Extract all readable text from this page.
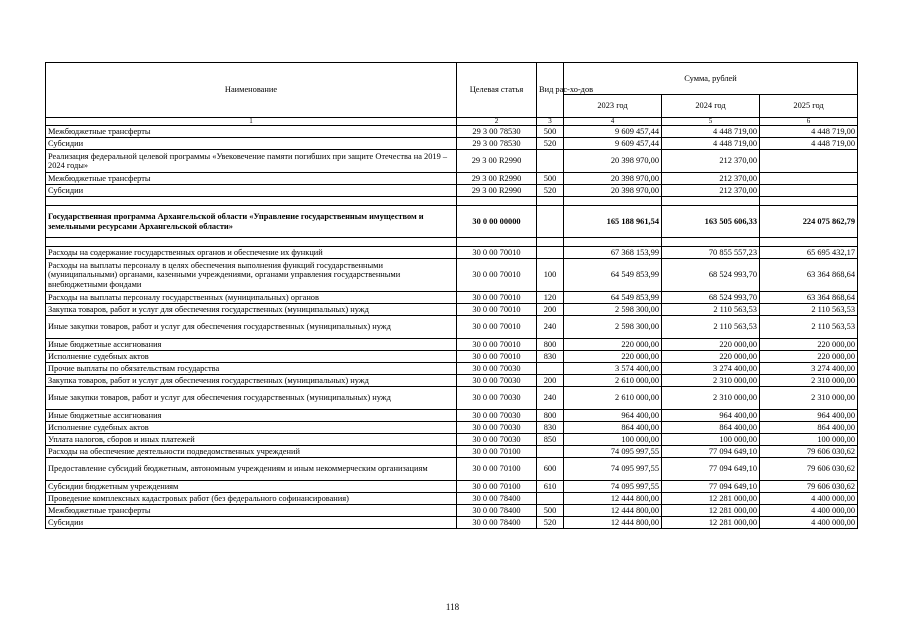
Наименование	Целевая статья	Вид рас-хо-дов	Сумма, рублей		
			2023 год	2024 год	2025 год
1	2	3	4	5	6
Межбюджетные трансферты	29 3 00 78530	500	9 609 457,44	4 448 719,00	4 448 719,00
Субсидии	29 3 00 78530	520	9 609 457,44	4 448 719,00	4 448 719,00
Реализация федеральной целевой программы «Увековечение памяти погибших при защите Отечества на 2019 – 2024 годы»	29 3 00 R2990		20 398 970,00	212 370,00	
Межбюджетные трансферты	29 3 00 R2990	500	20 398 970,00	212 370,00	
Субсидии	29 3 00 R2990	520	20 398 970,00	212 370,00	

Государственная программа Архангельской области «Управление государственным имуществом и земельными ресурсами Архангельской области»	30 0 00 00000		165 188 961,54	163 505 606,33	224 075 862,79

Расходы на содержание государственных органов и обеспечение их функций	30 0 00 70010		67 368 153,99	70 855 557,23	65 695 432,17
Расходы на выплаты персоналу в целях обеспечения выполнения функций государственными (муниципальными) органами, казенными учреждениями, органами управления государственными внебюджетными фондами	30 0 00 70010	100	64 549 853,99	68 524 993,70	63 364 868,64
Расходы на выплаты персоналу государственных (муниципальных) органов	30 0 00 70010	120	64 549 853,99	68 524 993,70	63 364 868,64
Закупка товаров, работ и услуг для обеспечения государственных (муниципальных) нужд	30 0 00 70010	200	2 598 300,00	2 110 563,53	2 110 563,53
Иные закупки товаров, работ и услуг для обеспечения государственных (муниципальных) нужд	30 0 00 70010	240	2 598 300,00	2 110 563,53	2 110 563,53
Иные бюджетные ассигнования	30 0 00 70010	800	220 000,00	220 000,00	220 000,00
Исполнение судебных актов	30 0 00 70010	830	220 000,00	220 000,00	220 000,00
Прочие выплаты по обязательствам государства	30 0 00 70030		3 574 400,00	3 274 400,00	3 274 400,00
Закупка товаров, работ и услуг для обеспечения государственных (муниципальных) нужд	30 0 00 70030	200	2 610 000,00	2 310 000,00	2 310 000,00
Иные закупки товаров, работ и услуг для обеспечения государственных (муниципальных) нужд	30 0 00 70030	240	2 610 000,00	2 310 000,00	2 310 000,00
Иные бюджетные ассигнования	30 0 00 70030	800	964 400,00	964 400,00	964 400,00
Исполнение судебных актов	30 0 00 70030	830	864 400,00	864 400,00	864 400,00
Уплата налогов, сборов и иных платежей	30 0 00 70030	850	100 000,00	100 000,00	100 000,00
Расходы на обеспечение деятельности подведомственных учреждений	30 0 00 70100		74 095 997,55	77 094 649,10	79 606 030,62
Предоставление субсидий бюджетным, автономным учреждениям и иным некоммерческим организациям	30 0 00 70100	600	74 095 997,55	77 094 649,10	79 606 030,62
Субсидии бюджетным учреждениям	30 0 00 70100	610	74 095 997,55	77 094 649,10	79 606 030,62
Проведение комплексных кадастровых работ (без федерального софинансирования)	30 0 00 78400		12 444 800,00	12 281 000,00	4 400 000,00
Межбюджетные трансферты	30 0 00 78400	500	12 444 800,00	12 281 000,00	4 400 000,00
Субсидии	30 0 00 78400	520	12 444 800,00	12 281 000,00	4 400 000,00
118
